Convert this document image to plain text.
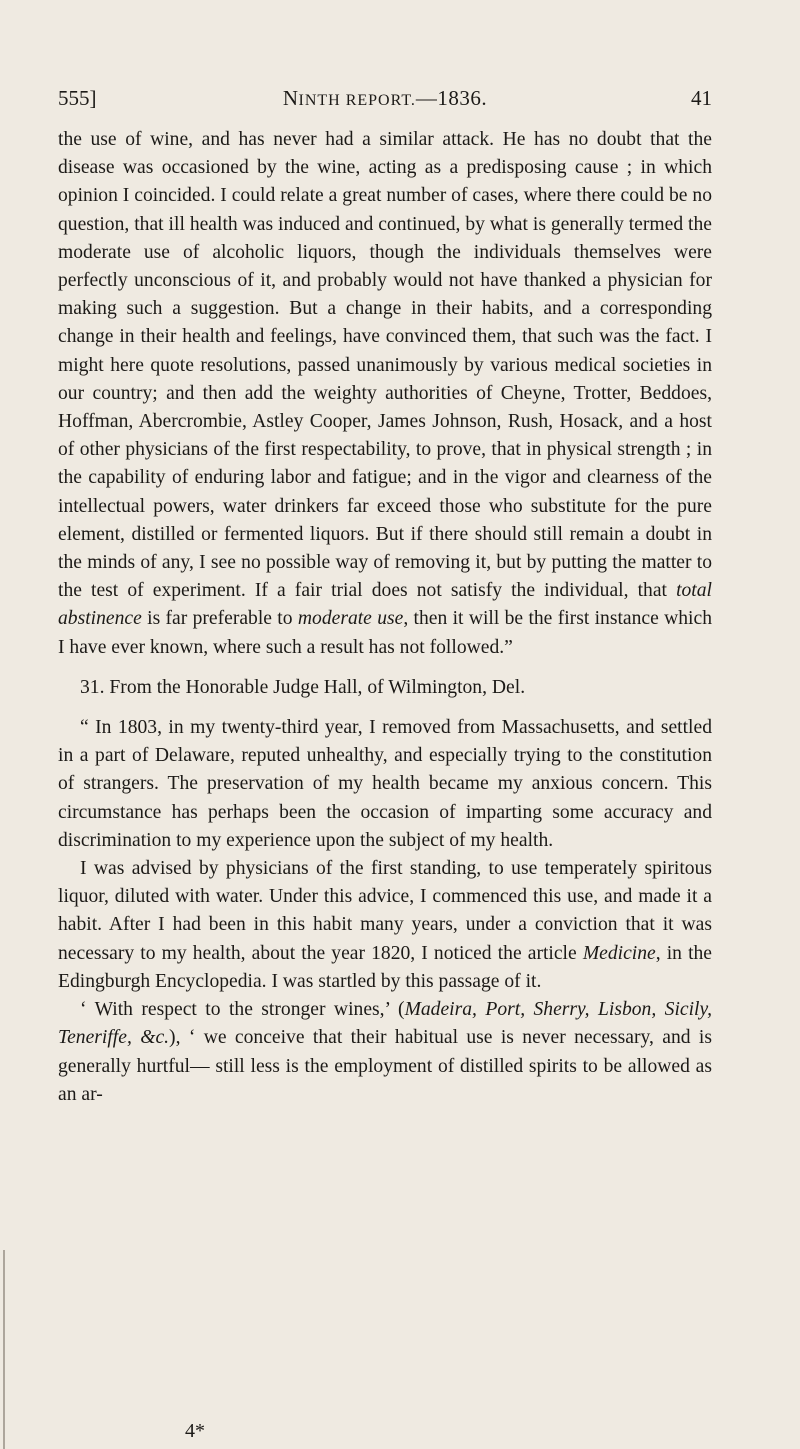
555]	NINTH REPORT.—1836.	41

the use of wine, and has never had a similar attack. He has no doubt that the disease was occasioned by the wine, acting as a predisposing cause ; in which opinion I coincided. I could relate a great number of cases, where there could be no question, that ill health was induced and continued, by what is generally termed the moderate use of alcoholic liquors, though the individuals themselves were perfectly unconscious of it, and probably would not have thanked a physician for making such a suggestion. But a change in their habits, and a corresponding change in their health and feelings, have convinced them, that such was the fact. I might here quote resolutions, passed unanimously by various medical societies in our country; and then add the weighty authorities of Cheyne, Trotter, Beddoes, Hoffman, Abercrombie, Astley Cooper, James Johnson, Rush, Hosack, and a host of other physicians of the first respectability, to prove, that in physical strength ; in the capability of enduring labor and fatigue; and in the vigor and clearness of the intellectual powers, water drinkers far exceed those who substitute for the pure element, distilled or fermented liquors. But if there should still remain a doubt in the minds of any, I see no possible way of removing it, but by putting the matter to the test of experiment. If a fair trial does not satisfy the individual, that total abstinence is far preferable to moderate use, then it will be the first instance which I have ever known, where such a result has not followed.”

31. From the Honorable Judge Hall, of Wilmington, Del.

“ In 1803, in my twenty-third year, I removed from Massachusetts, and settled in a part of Delaware, reputed unhealthy, and especially trying to the constitution of strangers. The preservation of my health became my anxious concern. This circumstance has perhaps been the occasion of imparting some accuracy and discrimination to my experience upon the subject of my health.

I was advised by physicians of the first standing, to use temperately spiritous liquor, diluted with water. Under this advice, I commenced this use, and made it a habit. After I had been in this habit many years, under a conviction that it was necessary to my health, about the year 1820, I noticed the article Medicine, in the Edingburgh Encyclopedia. I was startled by this passage of it.

‘ With respect to the stronger wines,’ (Madeira, Port, Sherry, Lisbon, Sicily, Teneriffe, &c.), ‘ we conceive that their habitual use is never necessary, and is generally hurtful— still less is the employment of distilled spirits to be allowed as an ar-

4*
